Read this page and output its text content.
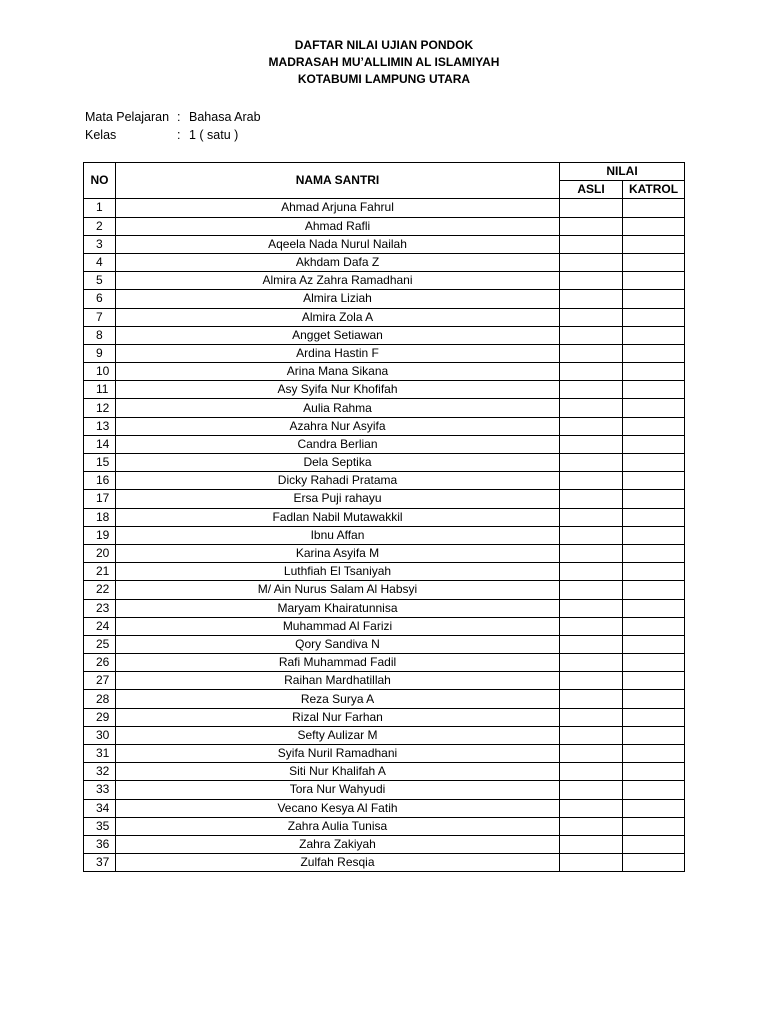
DAFTAR NILAI UJIAN PONDOK
MADRASAH MU’ALLIMIN AL ISLAMIYAH
KOTABUMI LAMPUNG UTARA
Mata Pelajaran : Bahasa Arab
Kelas	: 1 ( satu )
NO	NAMA SANTRI	NILAI	
		ASLI	KATROL
1	Ahmad Arjuna Fahrul		
2	Ahmad Rafli		
3	Aqeela Nada Nurul Nailah		
4	Akhdam Dafa Z		
5	Almira Az Zahra Ramadhani		
6	Almira Liziah		
7	Almira Zola A		
8	Angget Setiawan		
9	Ardina Hastin F		
10	Arina Mana Sikana		
11	Asy Syifa Nur Khofifah		
12	Aulia Rahma		
13	Azahra Nur Asyifa		
14	Candra Berlian		
15	Dela Septika		
16	Dicky Rahadi Pratama		
17	Ersa Puji rahayu		
18	Fadlan Nabil Mutawakkil		
19	Ibnu Affan		
20	Karina Asyifa M		
21	Luthfiah El Tsaniyah		
22	M/ Ain Nurus Salam Al Habsyi		
23	Maryam Khairatunnisa		
24	Muhammad Al Farizi		
25	Qory Sandiva N		
26	Rafi Muhammad Fadil		
27	Raihan Mardhatillah		
28	Reza Surya A		
29	Rizal Nur Farhan		
30	Sefty Aulizar M		
31	Syifa Nuril Ramadhani		
32	Siti Nur Khalifah A		
33	Tora Nur Wahyudi		
34	Vecano Kesya Al Fatih		
35	Zahra Aulia Tunisa		
36	Zahra Zakiyah		
37	Zulfah Resqia		
